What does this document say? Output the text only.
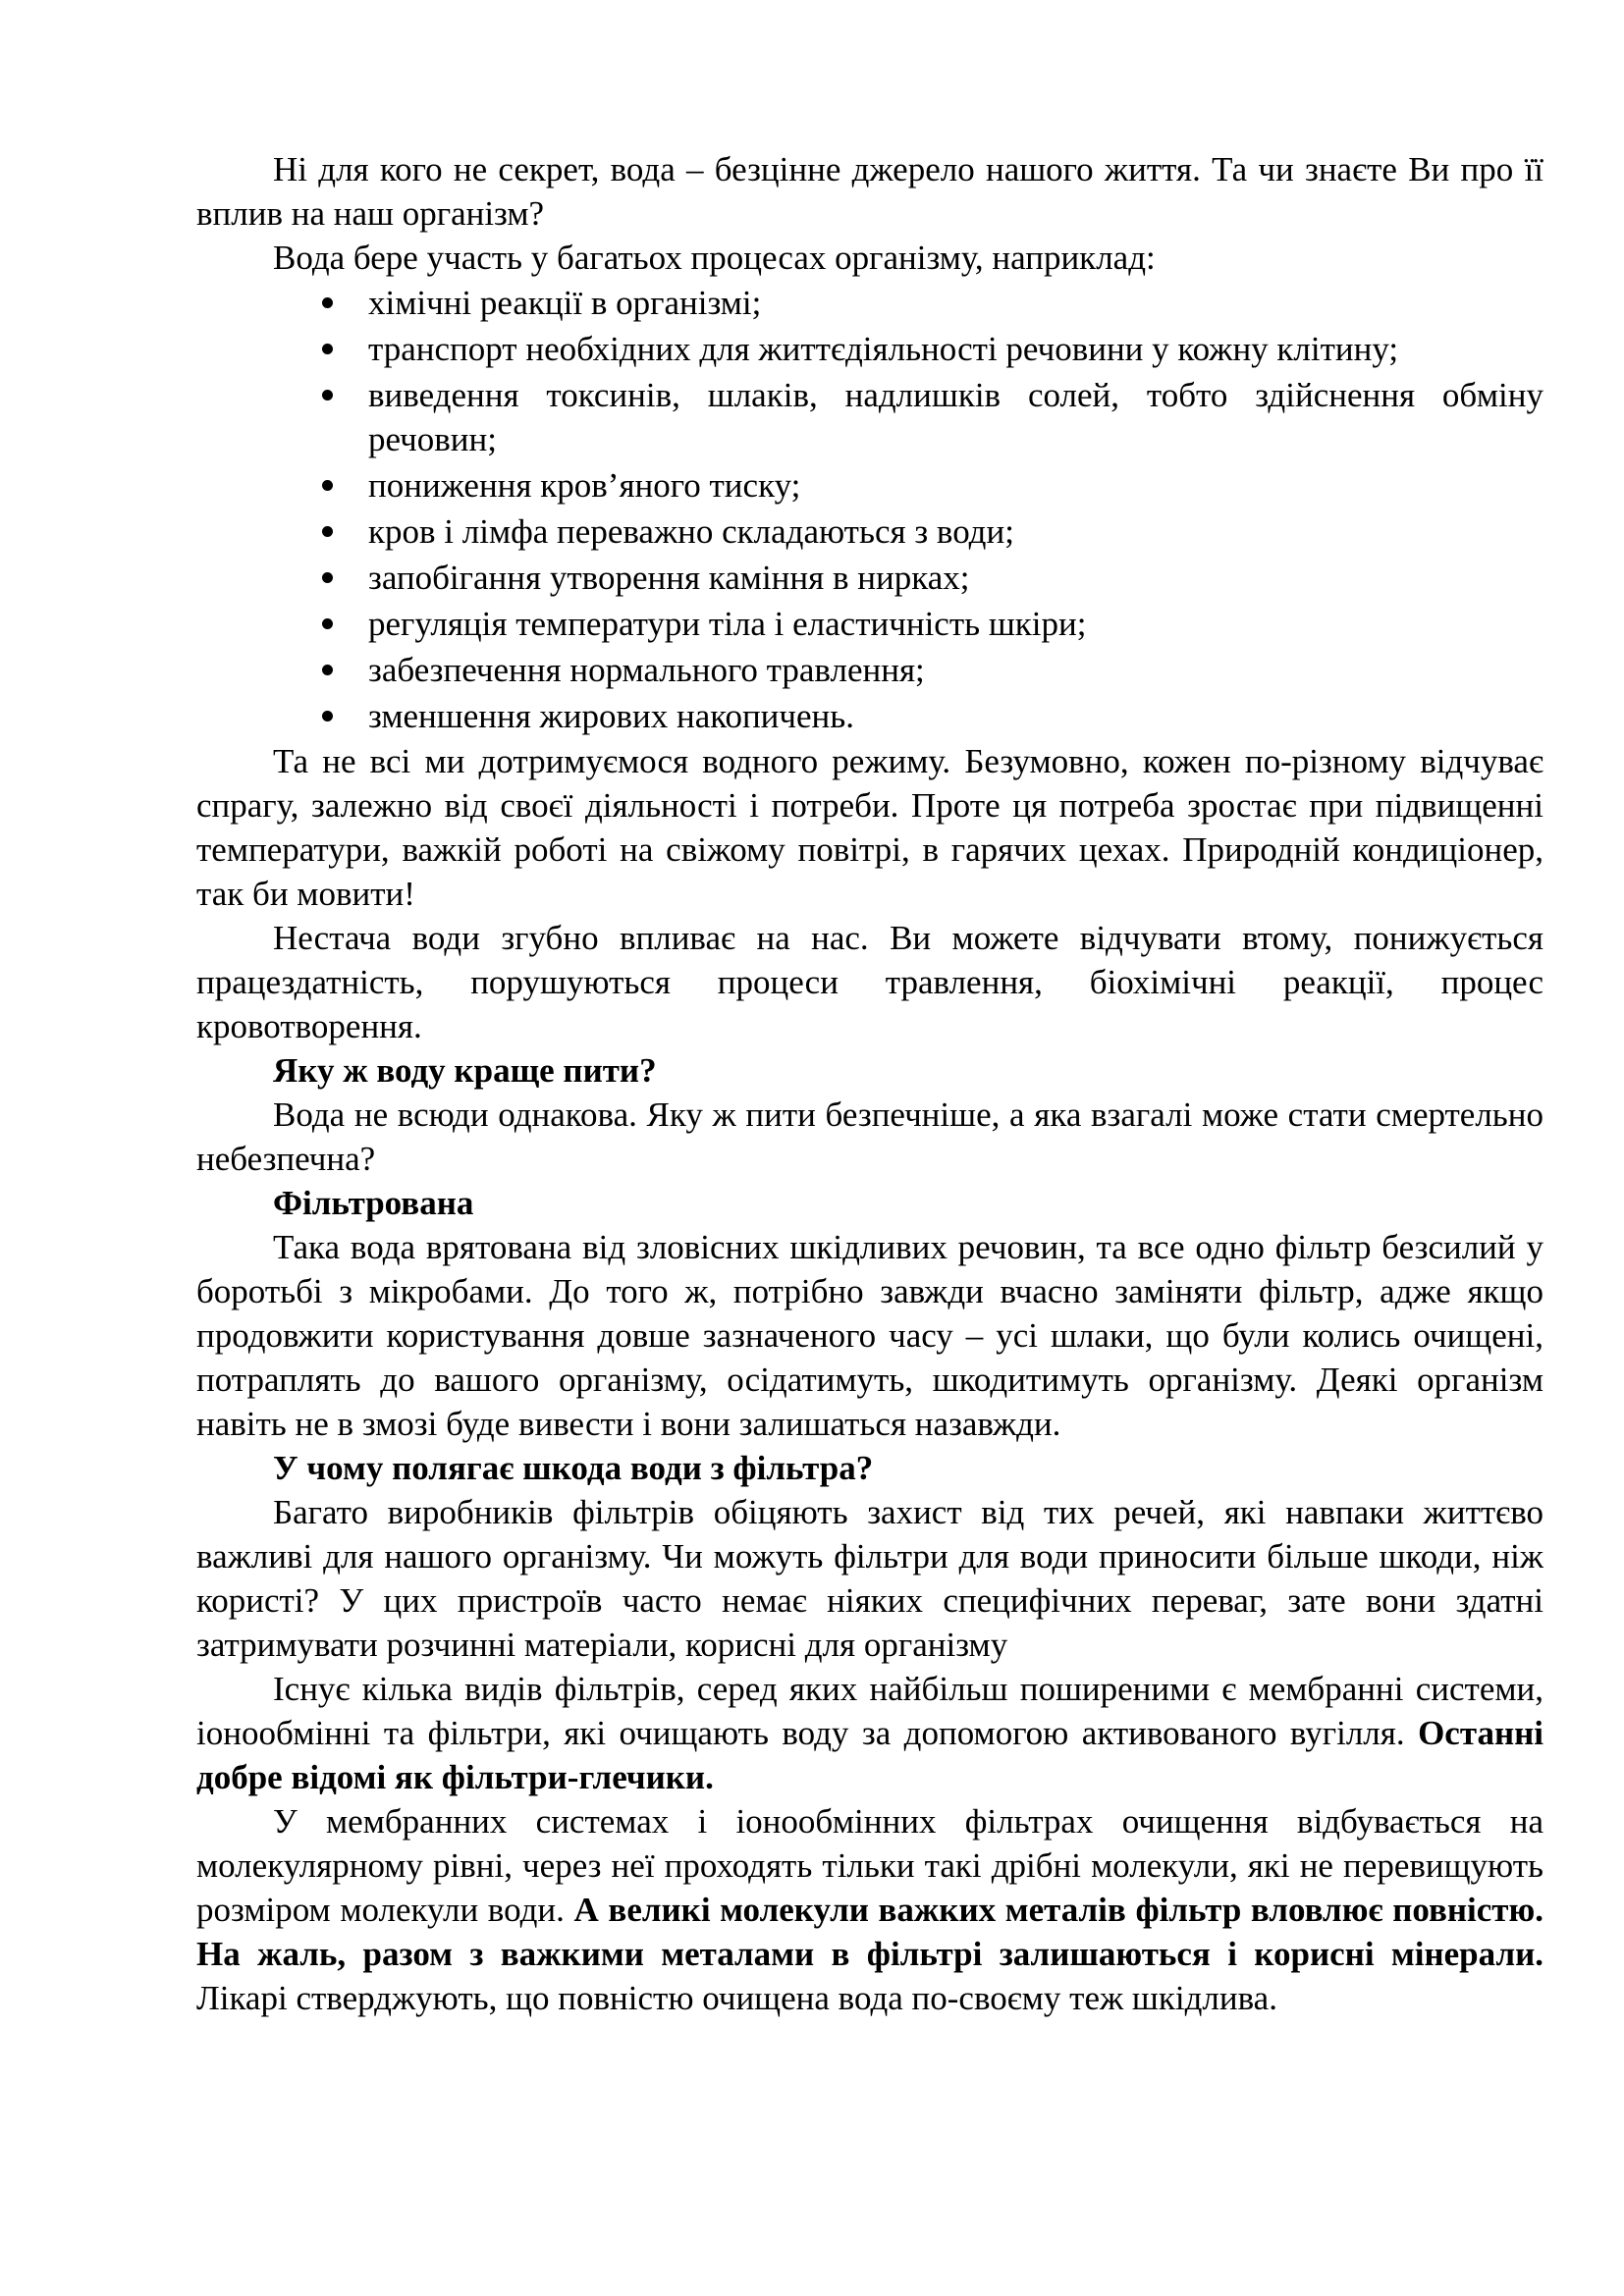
Ні для кого не секрет, вода – безцінне джерело нашого життя. Та чи знаєте Ви про її вплив на наш організм?

Вода бере участь у багатьох процесах організму, наприклад:

хімічні реакції в організмі;
транспорт необхідних для життєдіяльності речовини у кожну клітину;
виведення токсинів, шлаків, надлишків солей, тобто здійснення обміну речовин;
пониження кров’яного тиску;
кров і лімфа переважно складаються з води;
запобігання утворення каміння в нирках;
регуляція температури тіла і еластичність шкіри;
забезпечення нормального травлення;
зменшення жирових накопичень.

Та не всі ми дотримуємося водного режиму. Безумовно, кожен по-різному відчуває спрагу, залежно від своєї діяльності і потреби. Проте ця потреба зростає при підвищенні температури, важкій роботі на свіжому повітрі, в гарячих цехах. Природній кондиціонер, так би мовити!

Нестача води згубно впливає на нас. Ви можете відчувати втому, понижується працездатність, порушуються процеси травлення, біохімічні реакції, процес кровотворення.

Яку ж воду краще пити?

Вода не всюди однакова. Яку ж пити безпечніше, а яка взагалі може стати смертельно небезпечна?

Фільтрована

Така вода врятована від зловісних шкідливих речовин, та все одно фільтр безсилий у боротьбі з мікробами. До того ж, потрібно завжди вчасно заміняти фільтр, адже якщо продовжити користування довше зазначеного часу – усі шлаки, що були колись очищені, потраплять до вашого організму, осідатимуть, шкодитимуть організму. Деякі організм навіть не в змозі буде вивести і вони залишаться назавжди.

У чому полягає шкода води з фільтра?

Багато виробників фільтрів обіцяють захист від тих речей, які навпаки життєво важливі для нашого організму. Чи можуть фільтри для води приносити більше шкоди, ніж користі? У цих пристроїв часто немає ніяких специфічних переваг, зате вони здатні затримувати розчинні матеріали, корисні для організму

Існує кілька видів фільтрів, серед яких найбільш поширеними є мембранні системи, іонообмінні та фільтри, які очищають воду за допомогою активованого вугілля. Останні добре відомі як фільтри-глечики.

У мембранних системах і іонообмінних фільтрах очищення відбувається на молекулярному рівні, через неї проходять тільки такі дрібні молекули, які не перевищують розміром молекули води. А великі молекули важких металів фільтр вловлює повністю. На жаль, разом з важкими металами в фільтрі залишаються і корисні мінерали. Лікарі стверджують, що повністю очищена вода по-своєму теж шкідлива.
